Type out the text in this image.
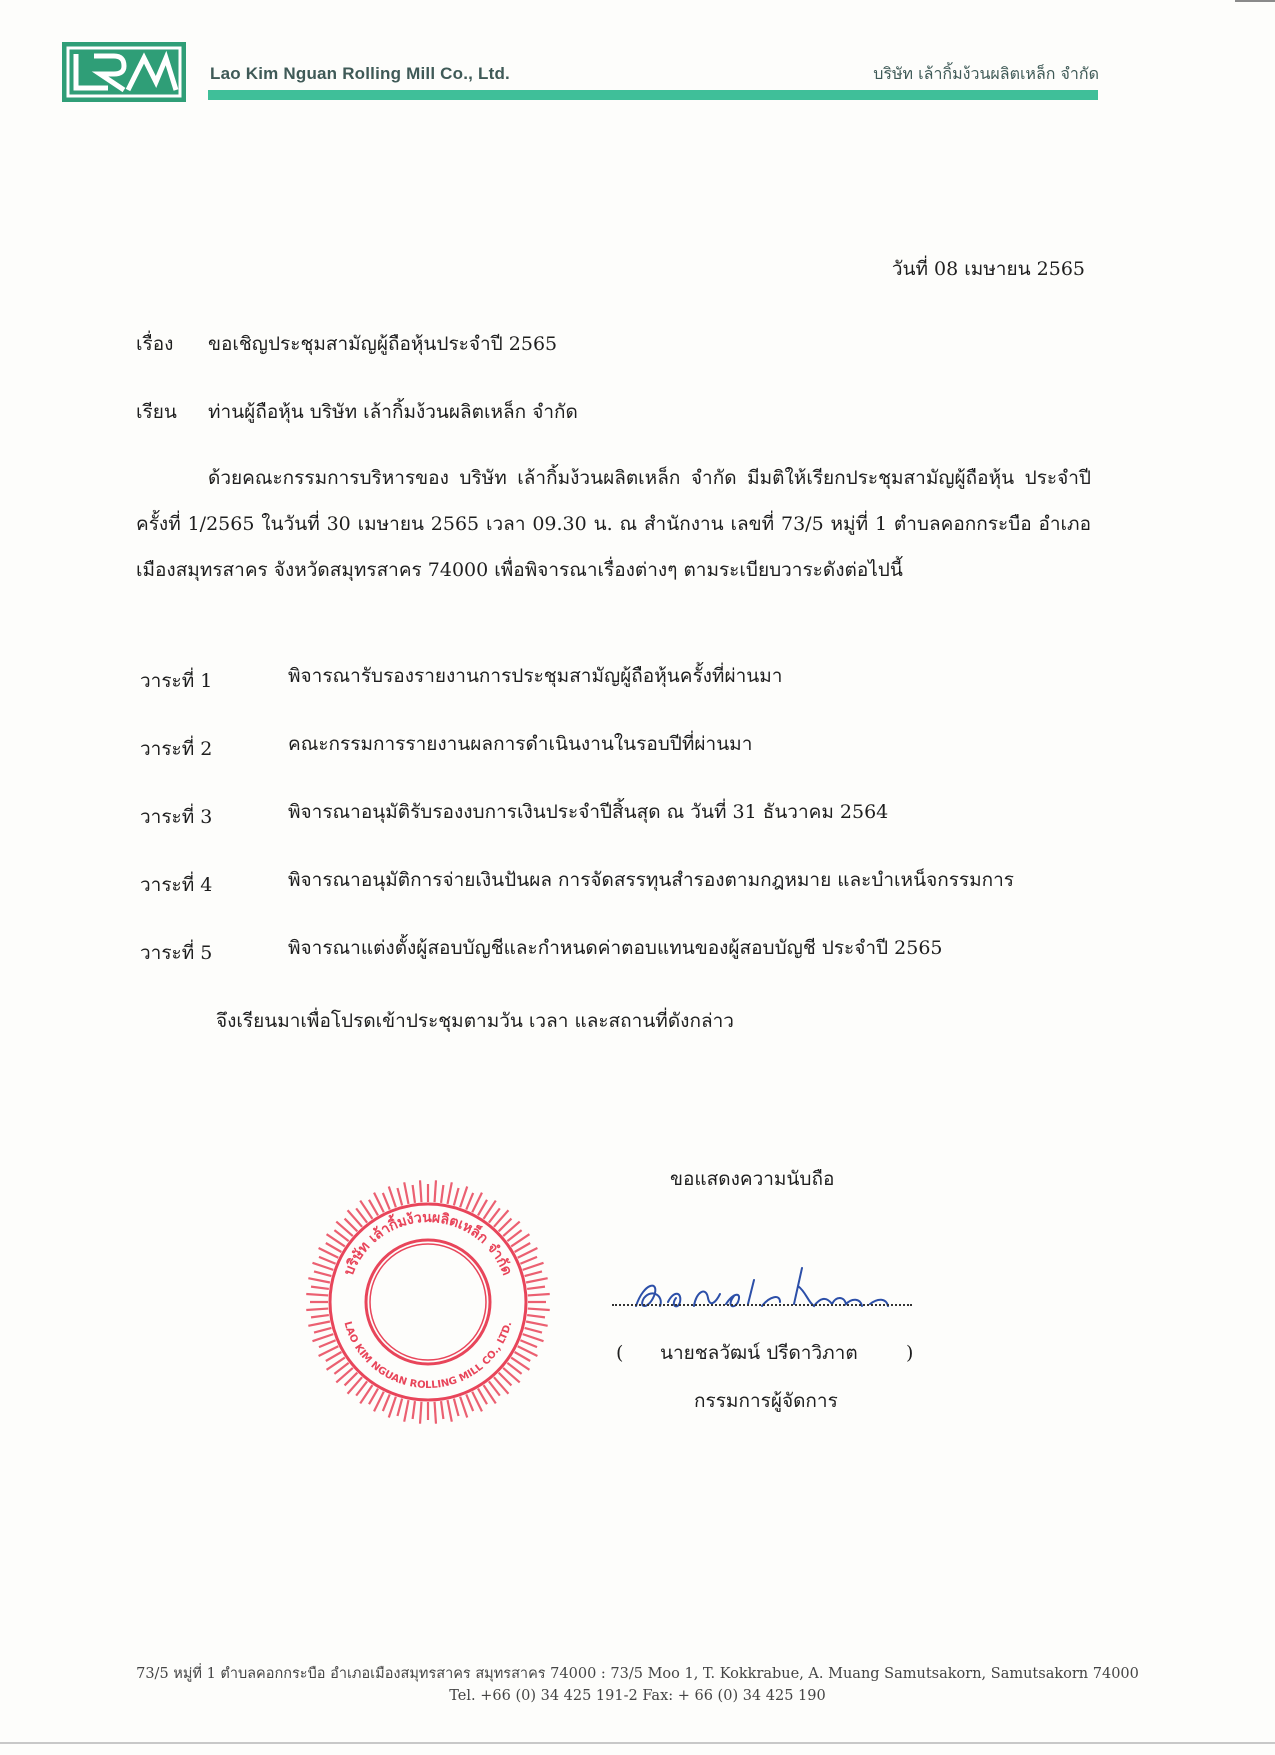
Lao Kim Nguan Rolling Mill Co., Ltd.	บริษัท เล้ากิ้มง้วนผลิตเหล็ก จำกัด
วันที่ 08 เมษายน 2565
เรื่อง ขอเชิญประชุมสามัญผู้ถือหุ้นประจำปี 2565
เรียน ท่านผู้ถือหุ้น บริษัท เล้ากิ้มง้วนผลิตเหล็ก จำกัด
ด้วยคณะกรรมการบริหารของ บริษัท เล้ากิ้มง้วนผลิตเหล็ก จำกัด มีมติให้เรียกประชุมสามัญผู้ถือหุ้น ประจำปี ครั้งที่ 1/2565 ในวันที่ 30 เมษายน 2565 เวลา 09.30 น. ณ สำนักงาน เลขที่ 73/5 หมู่ที่ 1 ตำบลคอกกระบือ อำเภอเมืองสมุทรสาคร จังหวัดสมุทรสาคร 74000 เพื่อพิจารณาเรื่องต่างๆ ตามระเบียบวาระดังต่อไปนี้
วาระที่ 1	พิจารณารับรองรายงานการประชุมสามัญผู้ถือหุ้นครั้งที่ผ่านมา
วาระที่ 2	คณะกรรมการรายงานผลการดำเนินงานในรอบปีที่ผ่านมา
วาระที่ 3	พิจารณาอนุมัติรับรองงบการเงินประจำปีสิ้นสุด ณ วันที่ 31 ธันวาคม 2564
วาระที่ 4	พิจารณาอนุมัติการจ่ายเงินปันผล การจัดสรรทุนสำรองตามกฎหมาย และบำเหน็จกรรมการ
วาระที่ 5	พิจารณาแต่งตั้งผู้สอบบัญชีและกำหนดค่าตอบแทนของผู้สอบบัญชี ประจำปี 2565
จึงเรียนมาเพื่อโปรดเข้าประชุมตามวัน เวลา และสถานที่ดังกล่าว
ขอแสดงความนับถือ
บริษัท เล้ากิ้มง้วนผลิตเหล็ก จำกัด
LAO KIM NGUAN ROLLING MILL CO., LTD.
( นายชลวัฒน์ ปรีดาวิภาต	)
กรรมการผู้จัดการ
73/5 หมู่ที่ 1 ตำบลคอกกระบือ อำเภอเมืองสมุทรสาคร สมุทรสาคร 74000 : 73/5 Moo 1, T. Kokkrabue, A. Muang Samutsakorn, Samutsakorn 74000
Tel. +66 (0) 34 425 191-2 Fax: + 66 (0) 34 425 190
